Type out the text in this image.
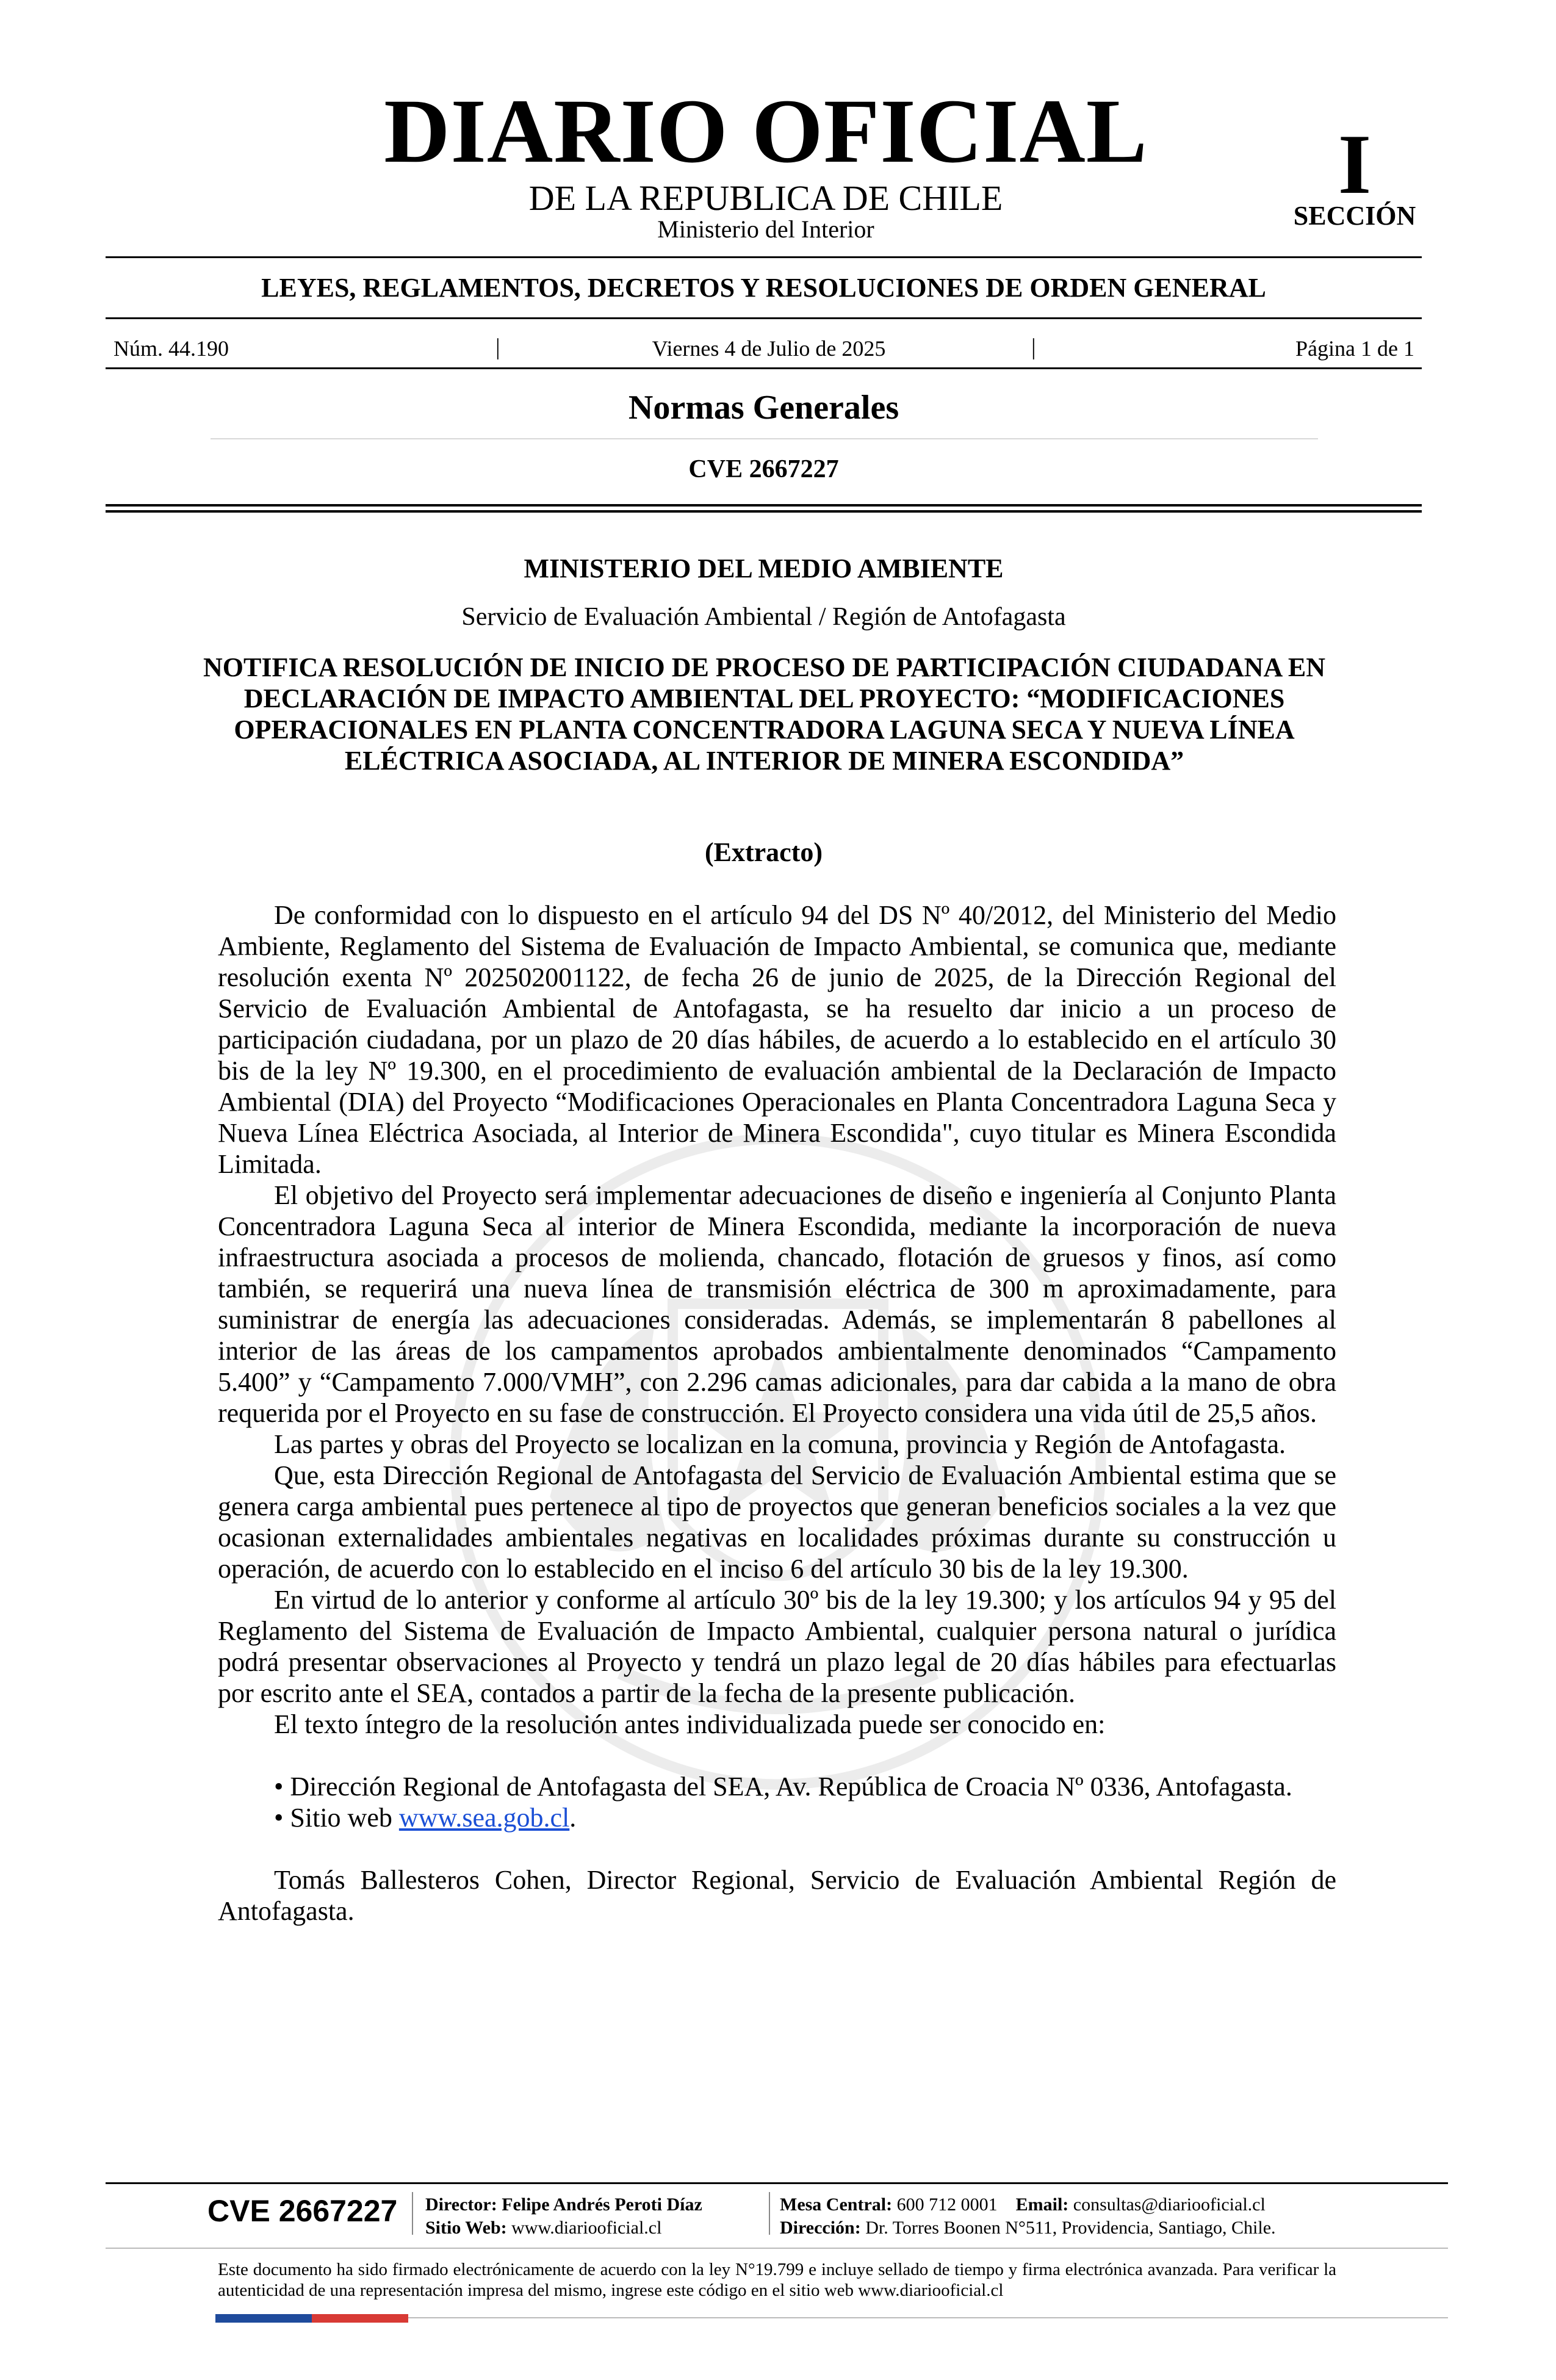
DIARIO OFICIAL
DE LA REPUBLICA DE CHILE
Ministerio del Interior
I
SECCIÓN
LEYES, REGLAMENTOS, DECRETOS Y RESOLUCIONES DE ORDEN GENERAL
Núm. 44.190	|	Viernes 4 de Julio de 2025	|	Página 1 de 1
Normas Generales
CVE 2667227
MINISTERIO DEL MEDIO AMBIENTE
Servicio de Evaluación Ambiental / Región de Antofagasta
NOTIFICA RESOLUCIÓN DE INICIO DE PROCESO DE PARTICIPACIÓN CIUDADANA EN DECLARACIÓN DE IMPACTO AMBIENTAL DEL PROYECTO: “MODIFICACIONES OPERACIONALES EN PLANTA CONCENTRADORA LAGUNA SECA Y NUEVA LÍNEA ELÉCTRICA ASOCIADA, AL INTERIOR DE MINERA ESCONDIDA”
(Extracto)

De conformidad con lo dispuesto en el artículo 94 del DS Nº 40/2012, del Ministerio del Medio Ambiente, Reglamento del Sistema de Evaluación de Impacto Ambiental, se comunica que, mediante resolución exenta Nº 202502001122, de fecha 26 de junio de 2025, de la Dirección Regional del Servicio de Evaluación Ambiental de Antofagasta, se ha resuelto dar inicio a un proceso de participación ciudadana, por un plazo de 20 días hábiles, de acuerdo a lo establecido en el artículo 30 bis de la ley Nº 19.300, en el procedimiento de evaluación ambiental de la Declaración de Impacto Ambiental (DIA) del Proyecto “Modificaciones Operacionales en Planta Concentradora Laguna Seca y Nueva Línea Eléctrica Asociada, al Interior de Minera Escondida", cuyo titular es Minera Escondida Limitada.

El objetivo del Proyecto será implementar adecuaciones de diseño e ingeniería al Conjunto Planta Concentradora Laguna Seca al interior de Minera Escondida, mediante la incorporación de nueva infraestructura asociada a procesos de molienda, chancado, flotación de gruesos y finos, así como también, se requerirá una nueva línea de transmisión eléctrica de 300 m aproximadamente, para suministrar de energía las adecuaciones consideradas. Además, se implementarán 8 pabellones al interior de las áreas de los campamentos aprobados ambientalmente denominados “Campamento 5.400” y “Campamento 7.000/VMH”, con 2.296 camas adicionales, para dar cabida a la mano de obra requerida por el Proyecto en su fase de construcción. El Proyecto considera una vida útil de 25,5 años.

Las partes y obras del Proyecto se localizan en la comuna, provincia y Región de Antofagasta.

Que, esta Dirección Regional de Antofagasta del Servicio de Evaluación Ambiental estima que se genera carga ambiental pues pertenece al tipo de proyectos que generan beneficios sociales a la vez que ocasionan externalidades ambientales negativas en localidades próximas durante su construcción u operación, de acuerdo con lo establecido en el inciso 6 del artículo 30 bis de la ley 19.300.

En virtud de lo anterior y conforme al artículo 30º bis de la ley 19.300; y los artículos 94 y 95 del Reglamento del Sistema de Evaluación de Impacto Ambiental, cualquier persona natural o jurídica podrá presentar observaciones al Proyecto y tendrá un plazo legal de 20 días hábiles para efectuarlas por escrito ante el SEA, contados a partir de la fecha de la presente publicación.

El texto íntegro de la resolución antes individualizada puede ser conocido en:

• Dirección Regional de Antofagasta del SEA, Av. República de Croacia Nº 0336, Antofagasta.

• Sitio web www.sea.gob.cl.

Tomás Ballesteros Cohen, Director Regional, Servicio de Evaluación Ambiental Región de Antofagasta.

CVE 2667227 Director: Felipe Andrés Peroti Díaz
Sitio Web: www.diariooficial.cl
Mesa Central: 600 712 0001 Email: consultas@diariooficial.cl
Dirección: Dr. Torres Boonen N°511, Providencia, Santiago, Chile.
Este documento ha sido firmado electrónicamente de acuerdo con la ley N°19.799 e incluye sellado de tiempo y firma electrónica avanzada. Para verificar la autenticidad de una representación impresa del mismo, ingrese este código en el sitio web www.diariooficial.cl
